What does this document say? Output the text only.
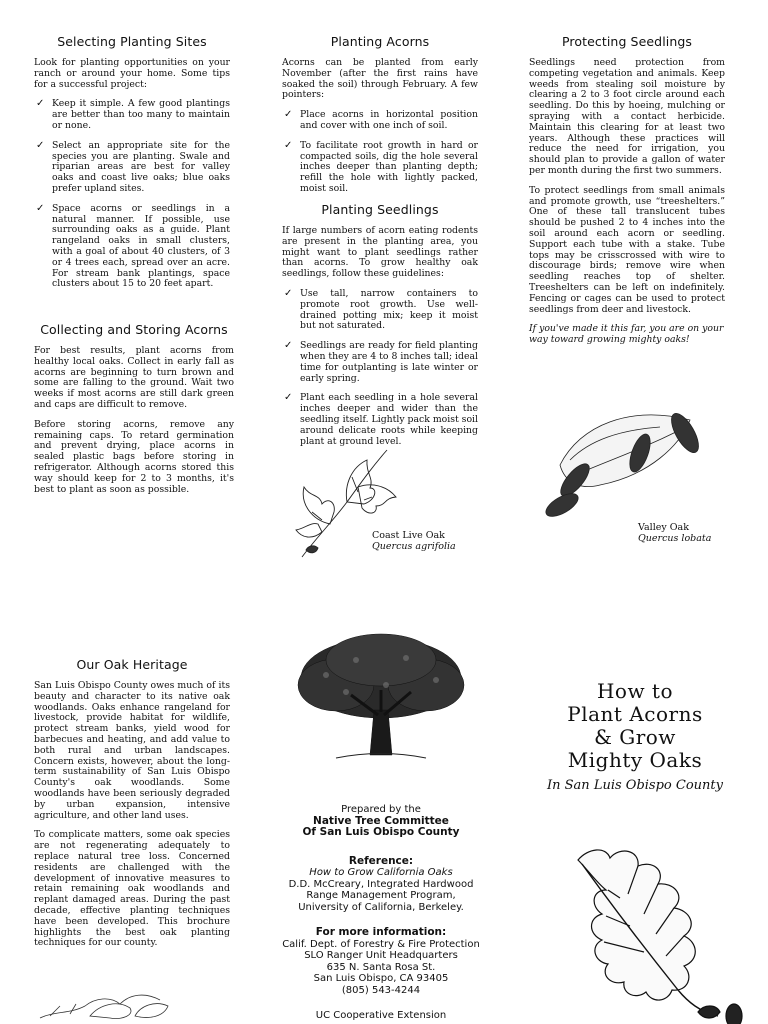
Selecting Planting Sites

Look for planting opportunities on your ranch or around your home. Some tips for a successful project:

✓ Keep it simple. A few good plantings are better than too many to maintain or none.
✓ Select an appropriate site for the species you are planting. Swale and riparian areas are best for valley oaks and coast live oaks; blue oaks prefer upland sites.
✓ Space acorns or seedlings in a natural manner. If possible, use surrounding oaks as a guide. Plant rangeland oaks in small clusters, with a goal of about 40 clusters, of 3 or 4 trees each, spread over an acre. For stream bank plantings, space clusters about 15 to 20 feet apart.
Collecting and Storing Acorns

For best results, plant acorns from healthy local oaks. Collect in early fall as acorns are beginning to turn brown and some are falling to the ground. Wait two weeks if most acorns are still dark green and caps are difficult to remove.

Before storing acorns, remove any remaining caps. To retard germination and prevent drying, place acorns in sealed plastic bags before storing in refrigerator. Although acorns stored this way should keep for 2 to 3 months, it's best to plant as soon as possible.

Planting Acorns

Acorns can be planted from early November (after the first rains have soaked the soil) through February. A few pointers:

✓ Place acorns in horizontal position and cover with one inch of soil.
✓ To facilitate root growth in hard or compacted soils, dig the hole several inches deeper than planting depth; refill the hole with lightly packed, moist soil.
Planting Seedlings

If large numbers of acorn eating rodents are present in the planting area, you might want to plant seedlings rather than acorns. To grow healthy oak seedlings, follow these guidelines:

✓ Use tall, narrow containers to promote root growth. Use well-drained potting mix; keep it moist but not saturated.
✓ Seedlings are ready for field planting when they are 4 to 8 inches tall; ideal time for outplanting is late winter or early spring.
✓ Plant each seedling in a hole several inches deeper and wider than the seedling itself. Lightly pack moist soil around delicate roots while keeping plant at ground level.
Coast Live Oak
Quercus agrifolia
Protecting Seedlings

Seedlings need protection from competing vegetation and animals. Keep weeds from stealing soil moisture by clearing a 2 to 3 foot circle around each seedling. Do this by hoeing, mulching or spraying with a contact herbicide. Maintain this clearing for at least two years. Although these practices will reduce the need for irrigation, you should plan to provide a gallon of water per month during the first two summers.

To protect seedlings from small animals and promote growth, use “treeshelters.” One of these tall translucent tubes should be pushed 2 to 4 inches into the soil around each acorn or seedling. Support each tube with a stake. Tube tops may be crisscrossed with wire to discourage birds; remove wire when seedling reaches top of shelter. Treeshelters can be left on indefinitely. Fencing or cages can be used to protect seedlings from deer and livestock.

If you've made it this far, you are on your way toward growing mighty oaks!

Valley Oak
Quercus lobata
Our Oak Heritage

San Luis Obispo County owes much of its beauty and character to its native oak woodlands. Oaks enhance rangeland for livestock, provide habitat for wildlife, protect stream banks, yield wood for barbecues and heating, and add value to both rural and urban landscapes. Concern exists, however, about the long-term sustainability of San Luis Obispo County's oak woodlands. Some woodlands have been seriously degraded by urban expansion, intensive agriculture, and other land uses.

To complicate matters, some oak species are not regenerating adequately to replace natural tree loss. Concerned residents are challenged with the development of innovative measures to retain remaining oak woodlands and replant damaged areas. During the past decade, effective planting techniques have been developed. This brochure highlights the best oak planting techniques for our county.

Prepared by the
Native Tree Committee
Of San Luis Obispo County
Reference:
How to Grow California Oaks
D.D. McCreary, Integrated Hardwood
Range Management Program,
University of California, Berkeley.
For more information:
Calif. Dept. of Forestry & Fire Protection
SLO Ranger Unit Headquarters
635 N. Santa Rosa St.
San Luis Obispo, CA 93405
(805) 543-4244
UC Cooperative Extension
How to
Plant Acorns
& Grow
Mighty Oaks
In San Luis Obispo County
